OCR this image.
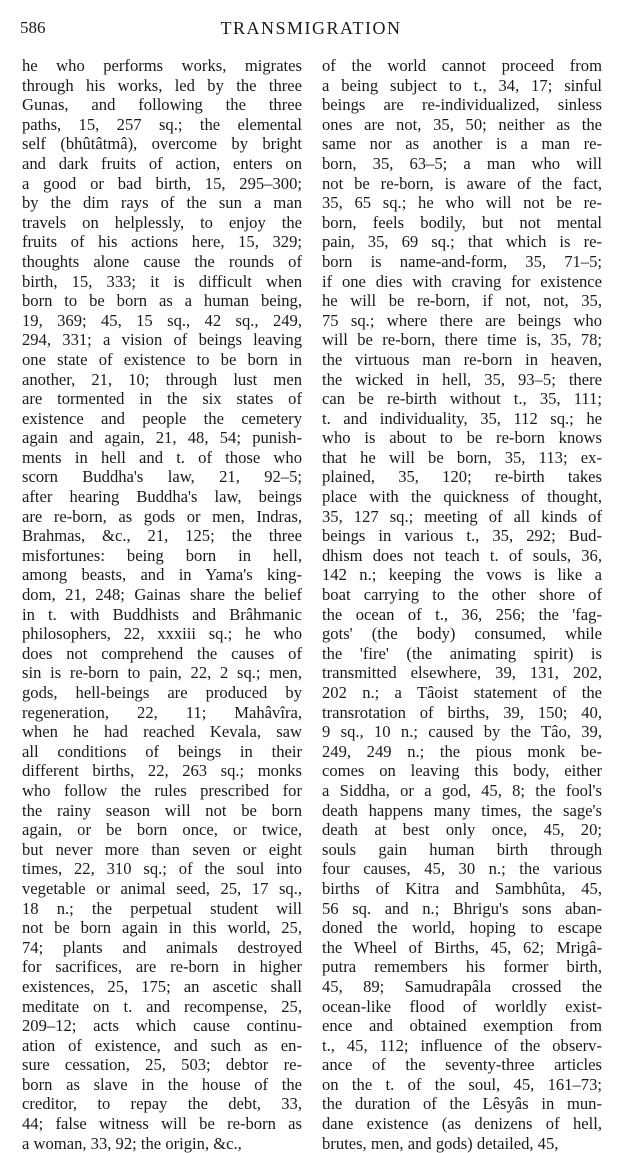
586	TRANSMIGRATION
he who performs works, migrates
through his works, led by the three
Gunas, and following the three
paths, 15, 257 sq.; the elemental
self (bhûtâtmâ), overcome by bright
and dark fruits of action, enters on
a good or bad birth, 15, 295–300;
by the dim rays of the sun a man
travels on helplessly, to enjoy the
fruits of his actions here, 15, 329;
thoughts alone cause the rounds of
birth, 15, 333; it is difficult when
born to be born as a human being,
19, 369; 45, 15 sq., 42 sq., 249,
294, 331; a vision of beings leaving
one state of existence to be born in
another, 21, 10; through lust men
are tormented in the six states of
existence and people the cemetery
again and again, 21, 48, 54; punish-
ments in hell and t. of those who
scorn Buddha's law, 21, 92–5;
after hearing Buddha's law, beings
are re-born, as gods or men, Indras,
Brahmas, &c., 21, 125; the three
misfortunes: being born in hell,
among beasts, and in Yama's king-
dom, 21, 248; Gainas share the belief
in t. with Buddhists and Brâhmanic
philosophers, 22, xxxiii sq.; he who
does not comprehend the causes of
sin is re-born to pain, 22, 2 sq.; men,
gods, hell-beings are produced by
regeneration, 22, 11; Mahâvîra,
when he had reached Kevala, saw
all conditions of beings in their
different births, 22, 263 sq.; monks
who follow the rules prescribed for
the rainy season will not be born
again, or be born once, or twice,
but never more than seven or eight
times, 22, 310 sq.; of the soul into
vegetable or animal seed, 25, 17 sq.,
18 n.; the perpetual student will
not be born again in this world, 25,
74; plants and animals destroyed
for sacrifices, are re-born in higher
existences, 25, 175; an ascetic shall
meditate on t. and recompense, 25,
209–12; acts which cause continu-
ation of existence, and such as en-
sure cessation, 25, 503; debtor re-
born as slave in the house of the
creditor, to repay the debt, 33,
44; false witness will be re-born as
a woman, 33, 92; the origin, &c.,
of the world cannot proceed from
a being subject to t., 34, 17; sinful
beings are re-individualized, sinless
ones are not, 35, 50; neither as the
same nor as another is a man re-
born, 35, 63–5; a man who will
not be re-born, is aware of the fact,
35, 65 sq.; he who will not be re-
born, feels bodily, but not mental
pain, 35, 69 sq.; that which is re-
born is name-and-form, 35, 71–5;
if one dies with craving for existence
he will be re-born, if not, not, 35,
75 sq.; where there are beings who
will be re-born, there time is, 35, 78;
the virtuous man re-born in heaven,
the wicked in hell, 35, 93–5; there
can be re-birth without t., 35, 111;
t. and individuality, 35, 112 sq.; he
who is about to be re-born knows
that he will be born, 35, 113; ex-
plained, 35, 120; re-birth takes
place with the quickness of thought,
35, 127 sq.; meeting of all kinds of
beings in various t., 35, 292; Bud-
dhism does not teach t. of souls, 36,
142 n.; keeping the vows is like a
boat carrying to the other shore of
the ocean of t., 36, 256; the 'fag-
gots' (the body) consumed, while
the 'fire' (the animating spirit) is
transmitted elsewhere, 39, 131, 202,
202 n.; a Tâoist statement of the
transrotation of births, 39, 150; 40,
9 sq., 10 n.; caused by the Tâo, 39,
249, 249 n.; the pious monk be-
comes on leaving this body, either
a Siddha, or a god, 45, 8; the fool's
death happens many times, the sage's
death at best only once, 45, 20;
souls gain human birth through
four causes, 45, 30 n.; the various
births of Kitra and Sambhûta, 45,
56 sq. and n.; Bhrigu's sons aban-
doned the world, hoping to escape
the Wheel of Births, 45, 62; Mrigâ-
putra remembers his former birth,
45, 89; Samudrapâla crossed the
ocean-like flood of worldly exist-
ence and obtained exemption from
t., 45, 112; influence of the observ-
ance of the seventy-three articles
on the t. of the soul, 45, 161–73;
the duration of the Lêsyâs in mun-
dane existence (as denizens of hell,
brutes, men, and gods) detailed, 45,
